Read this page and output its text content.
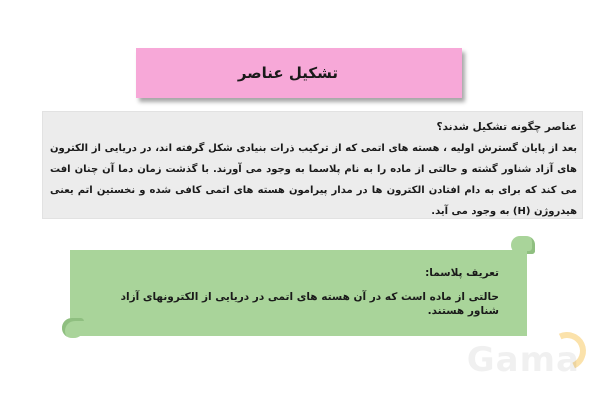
تشکیل عناصر
عناصر چگونه تشکیل شدند؟

بعد از پایان گسترش اولیه ، هسته های اتمی که از ترکیب ذرات بنیادی شکل گرفته اند، در دریایی از الکترون های آزاد شناور گشته و حالتی از ماده را به نام پلاسما به وجود می آورند. با گذشت زمان دما آن چنان افت می کند که برای به دام افتادن الکترون ها در مدار پیرامون هسته های اتمی کافی شده و نخستین اتم یعنی هیدروژن (H) به وجود می آید.

تعریف پلاسما:

حالتی از ماده است که در آن هسته های اتمی در دریایی از الکترونهای آزاد شناور هستند.

Gama
